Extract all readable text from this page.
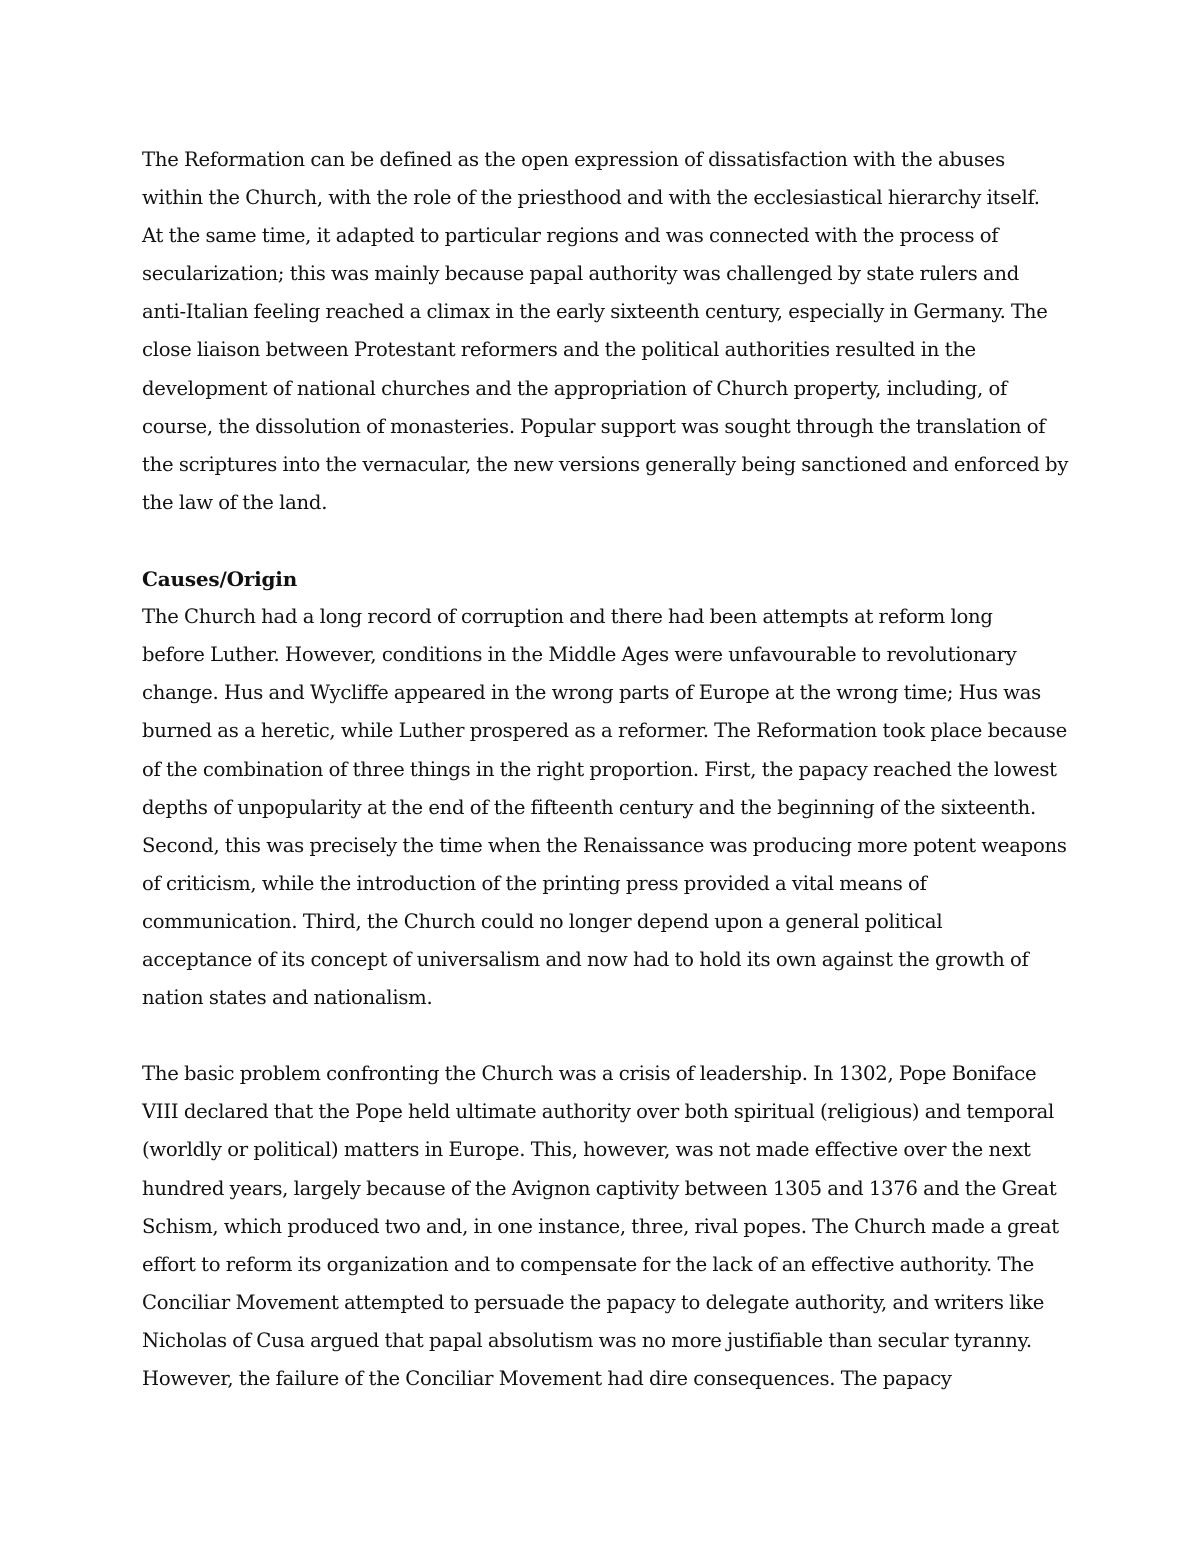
The Reformation can be defined as the open expression of dissatisfaction with the abuses
within the Church, with the role of the priesthood and with the ecclesiastical hierarchy itself.
At the same time, it adapted to particular regions and was connected with the process of
secularization; this was mainly because papal authority was challenged by state rulers and
anti-Italian feeling reached a climax in the early sixteenth century, especially in Germany. The
close liaison between Protestant reformers and the political authorities resulted in the
development of national churches and the appropriation of Church property, including, of
course, the dissolution of monasteries. Popular support was sought through the translation of
the scriptures into the vernacular, the new versions generally being sanctioned and enforced by
the law of the land.
Causes/Origin
The Church had a long record of corruption and there had been attempts at reform long
before Luther. However, conditions in the Middle Ages were unfavourable to revolutionary
change. Hus and Wycliffe appeared in the wrong parts of Europe at the wrong time; Hus was
burned as a heretic, while Luther prospered as a reformer. The Reformation took place because
of the combination of three things in the right proportion. First, the papacy reached the lowest
depths of unpopularity at the end of the fifteenth century and the beginning of the sixteenth.
Second, this was precisely the time when the Renaissance was producing more potent weapons
of criticism, while the introduction of the printing press provided a vital means of
communication. Third, the Church could no longer depend upon a general political
acceptance of its concept of universalism and now had to hold its own against the growth of
nation states and nationalism.
The basic problem confronting the Church was a crisis of leadership. In 1302, Pope Boniface
VIII declared that the Pope held ultimate authority over both spiritual (religious) and temporal
(worldly or political) matters in Europe. This, however, was not made effective over the next
hundred years, largely because of the Avignon captivity between 1305 and 1376 and the Great
Schism, which produced two and, in one instance, three, rival popes. The Church made a great
effort to reform its organization and to compensate for the lack of an effective authority. The
Conciliar Movement attempted to persuade the papacy to delegate authority, and writers like
Nicholas of Cusa argued that papal absolutism was no more justifiable than secular tyranny.
However, the failure of the Conciliar Movement had dire consequences. The papacy
